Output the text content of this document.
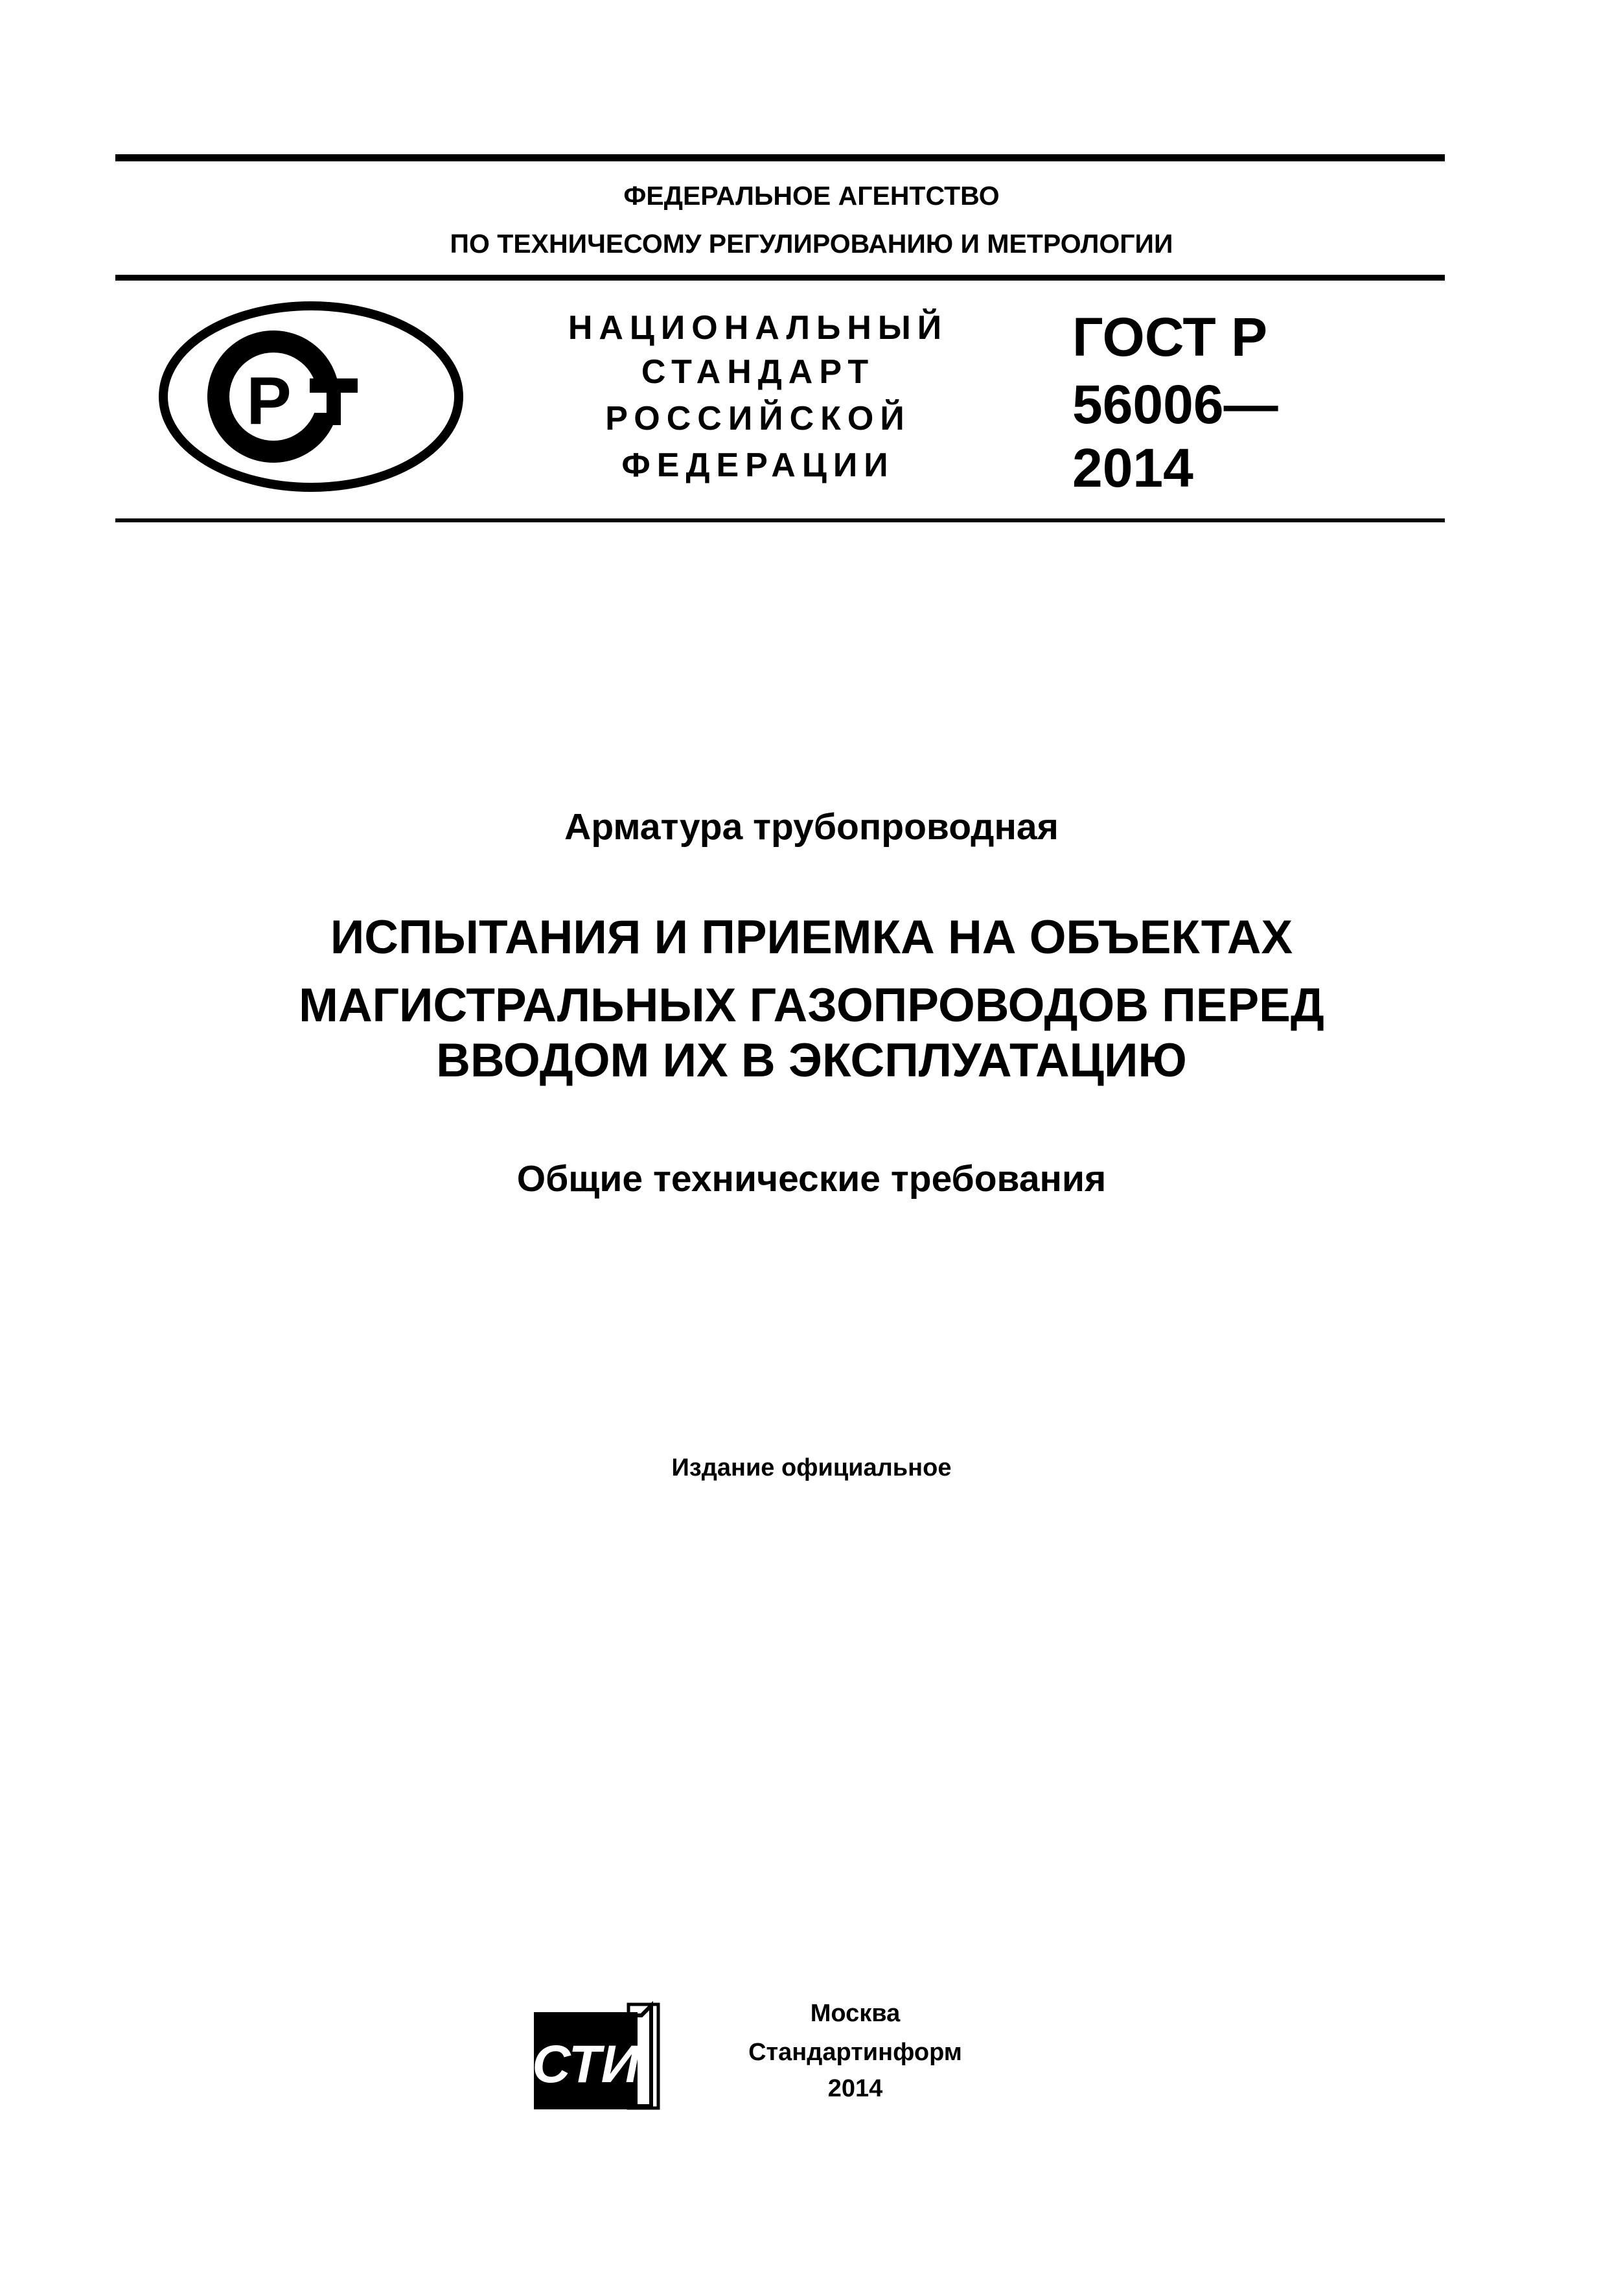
ФЕДЕРАЛЬНОЕ АГЕНТСТВО
ПО ТЕХНИЧЕСОМУ РЕГУЛИРОВАНИЮ И МЕТРОЛОГИИ
Р
НАЦИОНАЛЬНЫЙ
СТАНДАРТ
РОССИЙСКОЙ
ФЕДЕРАЦИИ
ГОСТ Р
56006—
2014
Арматура трубопроводная
ИСПЫТАНИЯ И ПРИЕМКА НА ОБЪЕКТАХ
МАГИСТРАЛЬНЫХ ГАЗОПРОВОДОВ ПЕРЕД
ВВОДОМ ИХ В ЭКСПЛУАТАЦИЮ
Общие технические требования
Издание официальное
СТИ
Москва
Стандартинформ
2014
